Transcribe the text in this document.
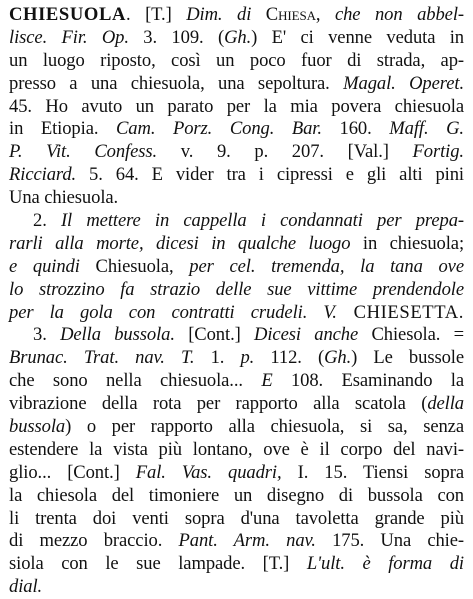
CHIESUOLA. [T.] Dim. di Chiesa, che non abbel-
lisce. Fir. Op. 3. 109. (Gh.) E' ci venne veduta in
un luogo riposto, così un poco fuor di strada, ap-
presso a una chiesuola, una sepoltura. Magal. Operet.
45. Ho avuto un parato per la mia povera chiesuola
in Etiopia. Cam. Porz. Cong. Bar. 160. Maff. G.
P. Vit. Confess. v. 9. p. 207. [Val.] Fortig.
Ricciard. 5. 64. E vider tra i cipressi e gli alti pini
Una chiesuola.
2. Il mettere in cappella i condannati per prepa-
rarli alla morte, dicesi in qualche luogo in chiesuola;
e quindi Chiesuola, per cel. tremenda, la tana ove
lo strozzino fa strazio delle sue vittime prendendole
per la gola con contratti crudeli. V. CHIESETTA.
3. Della bussola. [Cont.] Dicesi anche Chiesola. =
Brunac. Trat. nav. T. 1. p. 112. (Gh.) Le bussole
che sono nella chiesuola... E 108. Esaminando la
vibrazione della rota per rapporto alla scatola (della
bussola) o per rapporto alla chiesuola, si sa, senza
estendere la vista più lontano, ove è il corpo del navi-
glio... [Cont.] Fal. Vas. quadri, I. 15. Tiensi sopra
la chiesola del timoniere un disegno di bussola con
li trenta doi venti sopra d'una tavoletta grande più
di mezzo braccio. Pant. Arm. nav. 175. Una chie-
siola con le sue lampade. [T.] L'ult. è forma di
dial.
